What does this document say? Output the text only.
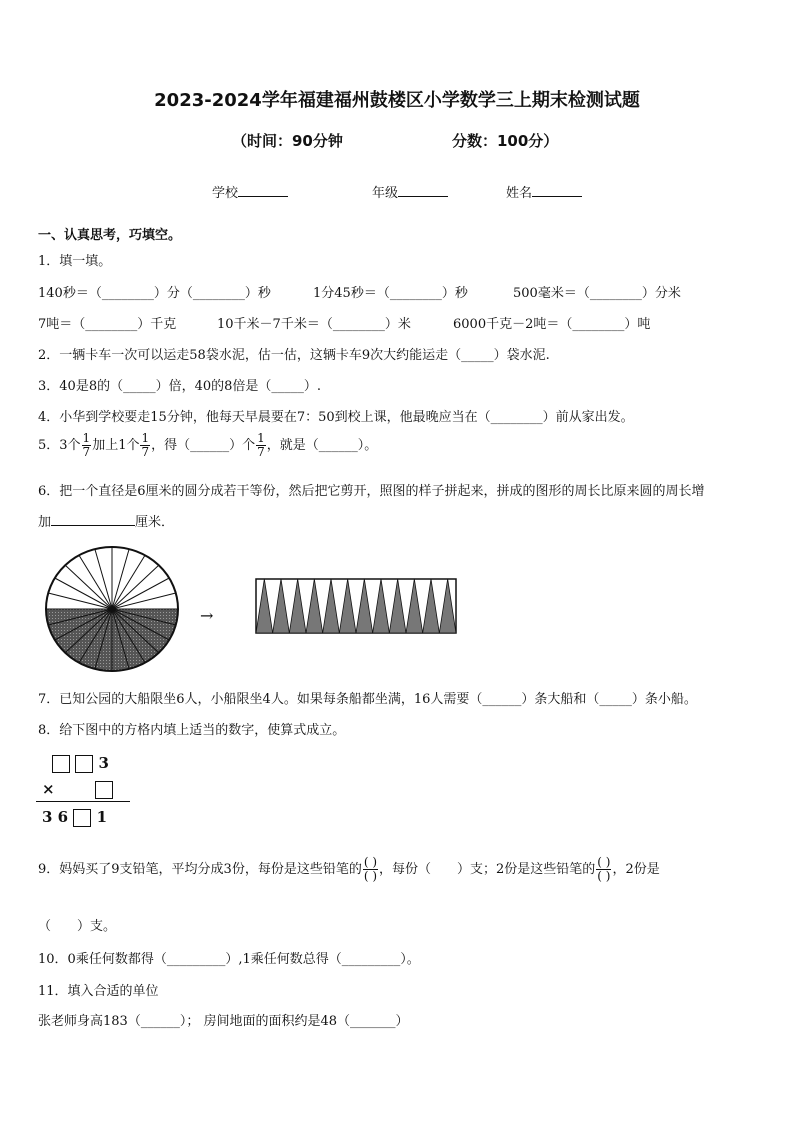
2023-2024学年福建福州鼓楼区小学数学三上期末检测试题
（时间：90分钟	分数：100分）
学校	年级	姓名
一、认真思考，巧填空。
1．填一填。
140秒＝（________）分（________）秒	1分45秒＝（________）秒	500毫米＝（________）分米
7吨＝（________）千克	10千米－7千米＝（________）米	6000千克－2吨＝（________）吨
2．一辆卡车一次可以运走58袋水泥，估一估，这辆卡车9次大约能运走（_____）袋水泥.
3．40是8的（_____）倍，40的8倍是（_____）.
4．小华到学校要走15分钟，他每天早晨要在7：50到校上课，他最晚应当在（________）前从家出发。
5．3个 $\frac{1}{7}$ 加上1个 $\frac{1}{7}$ ，得（______）个 $\frac{1}{7}$ ，就是（______）。
6．把一个直径是6厘米的圆分成若干等份，然后把它剪开，照图的样子拼起来，拼成的图形的周长比原来圆的周长增
加	厘米．
→
7．已知公园的大船限坐6人，小船限坐4人。如果每条船都坐满，16人需要（______）条大船和（_____）条小船。
8．给下图中的方格内填上适当的数字，使算式成立。
3
×
3 6 1
9．妈妈买了9支铅笔，平均分成3份，每份是这些铅笔的 $\frac{( )}{( )}$ ，每份（　　）支；2份是这些铅笔的 $\frac{( )}{( )}$ ，2份是
（　　）支。
10．0乘任何数都得（_________）,1乘任何数总得（_________）。
11．填入合适的单位
张老师身高183（______）； 房间地面的面积约是48（_______）
